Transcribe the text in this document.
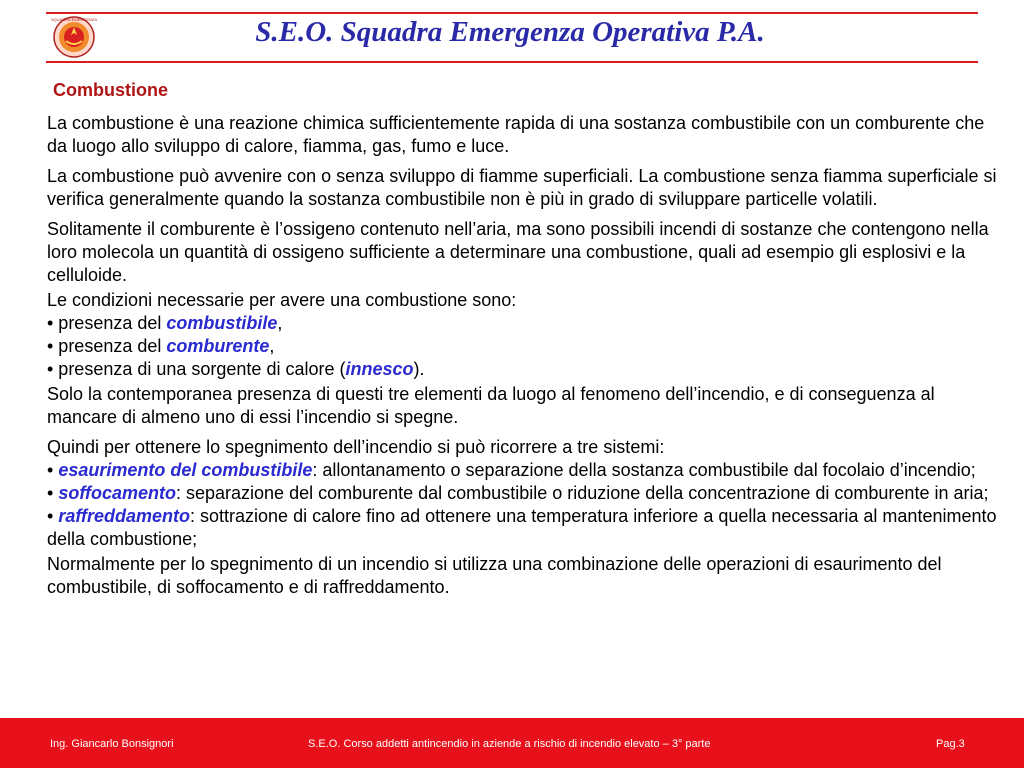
SQUADRA EMERGENZA	S.E.O. Squadra Emergenza Operativa P.A.
Combustione

La combustione è una reazione chimica sufficientemente rapida di una sostanza combustibile con un comburente che da luogo allo sviluppo di calore, fiamma, gas, fumo e luce.

La combustione può avvenire con o senza sviluppo di fiamme superficiali. La combustione senza fiamma superficiale si verifica generalmente quando la sostanza combustibile non è più in grado di sviluppare particelle volatili.

Solitamente il comburente è l’ossigeno contenuto nell’aria, ma sono possibili incendi di sostanze che contengono nella loro molecola un quantità di ossigeno sufficiente a determinare una combustione, quali ad esempio gli esplosivi e la celluloide.

Le condizioni necessarie per avere una combustione sono:
• presenza del combustibile,
• presenza del comburente,
• presenza di una sorgente di calore (innesco).

Solo la contemporanea presenza di questi tre elementi da luogo al fenomeno dell’incendio, e di conseguenza al mancare di almeno uno di essi l’incendio si spegne.

Quindi per ottenere lo spegnimento dell’incendio si può ricorrere a tre sistemi:
• esaurimento del combustibile: allontanamento o separazione della sostanza combustibile dal focolaio d’incendio;
• soffocamento: separazione del comburente dal combustibile o riduzione della concentrazione di comburente in aria;
• raffreddamento: sottrazione di calore fino ad ottenere una temperatura inferiore a quella necessaria al mantenimento della combustione;

Normalmente per lo spegnimento di un incendio si utilizza una combinazione delle operazioni di esaurimento del combustibile, di soffocamento e di raffreddamento.

Ing. Giancarlo Bonsignori	S.E.O. Corso addetti antincendio in aziende a rischio di incendio elevato – 3° parte	Pag.3
